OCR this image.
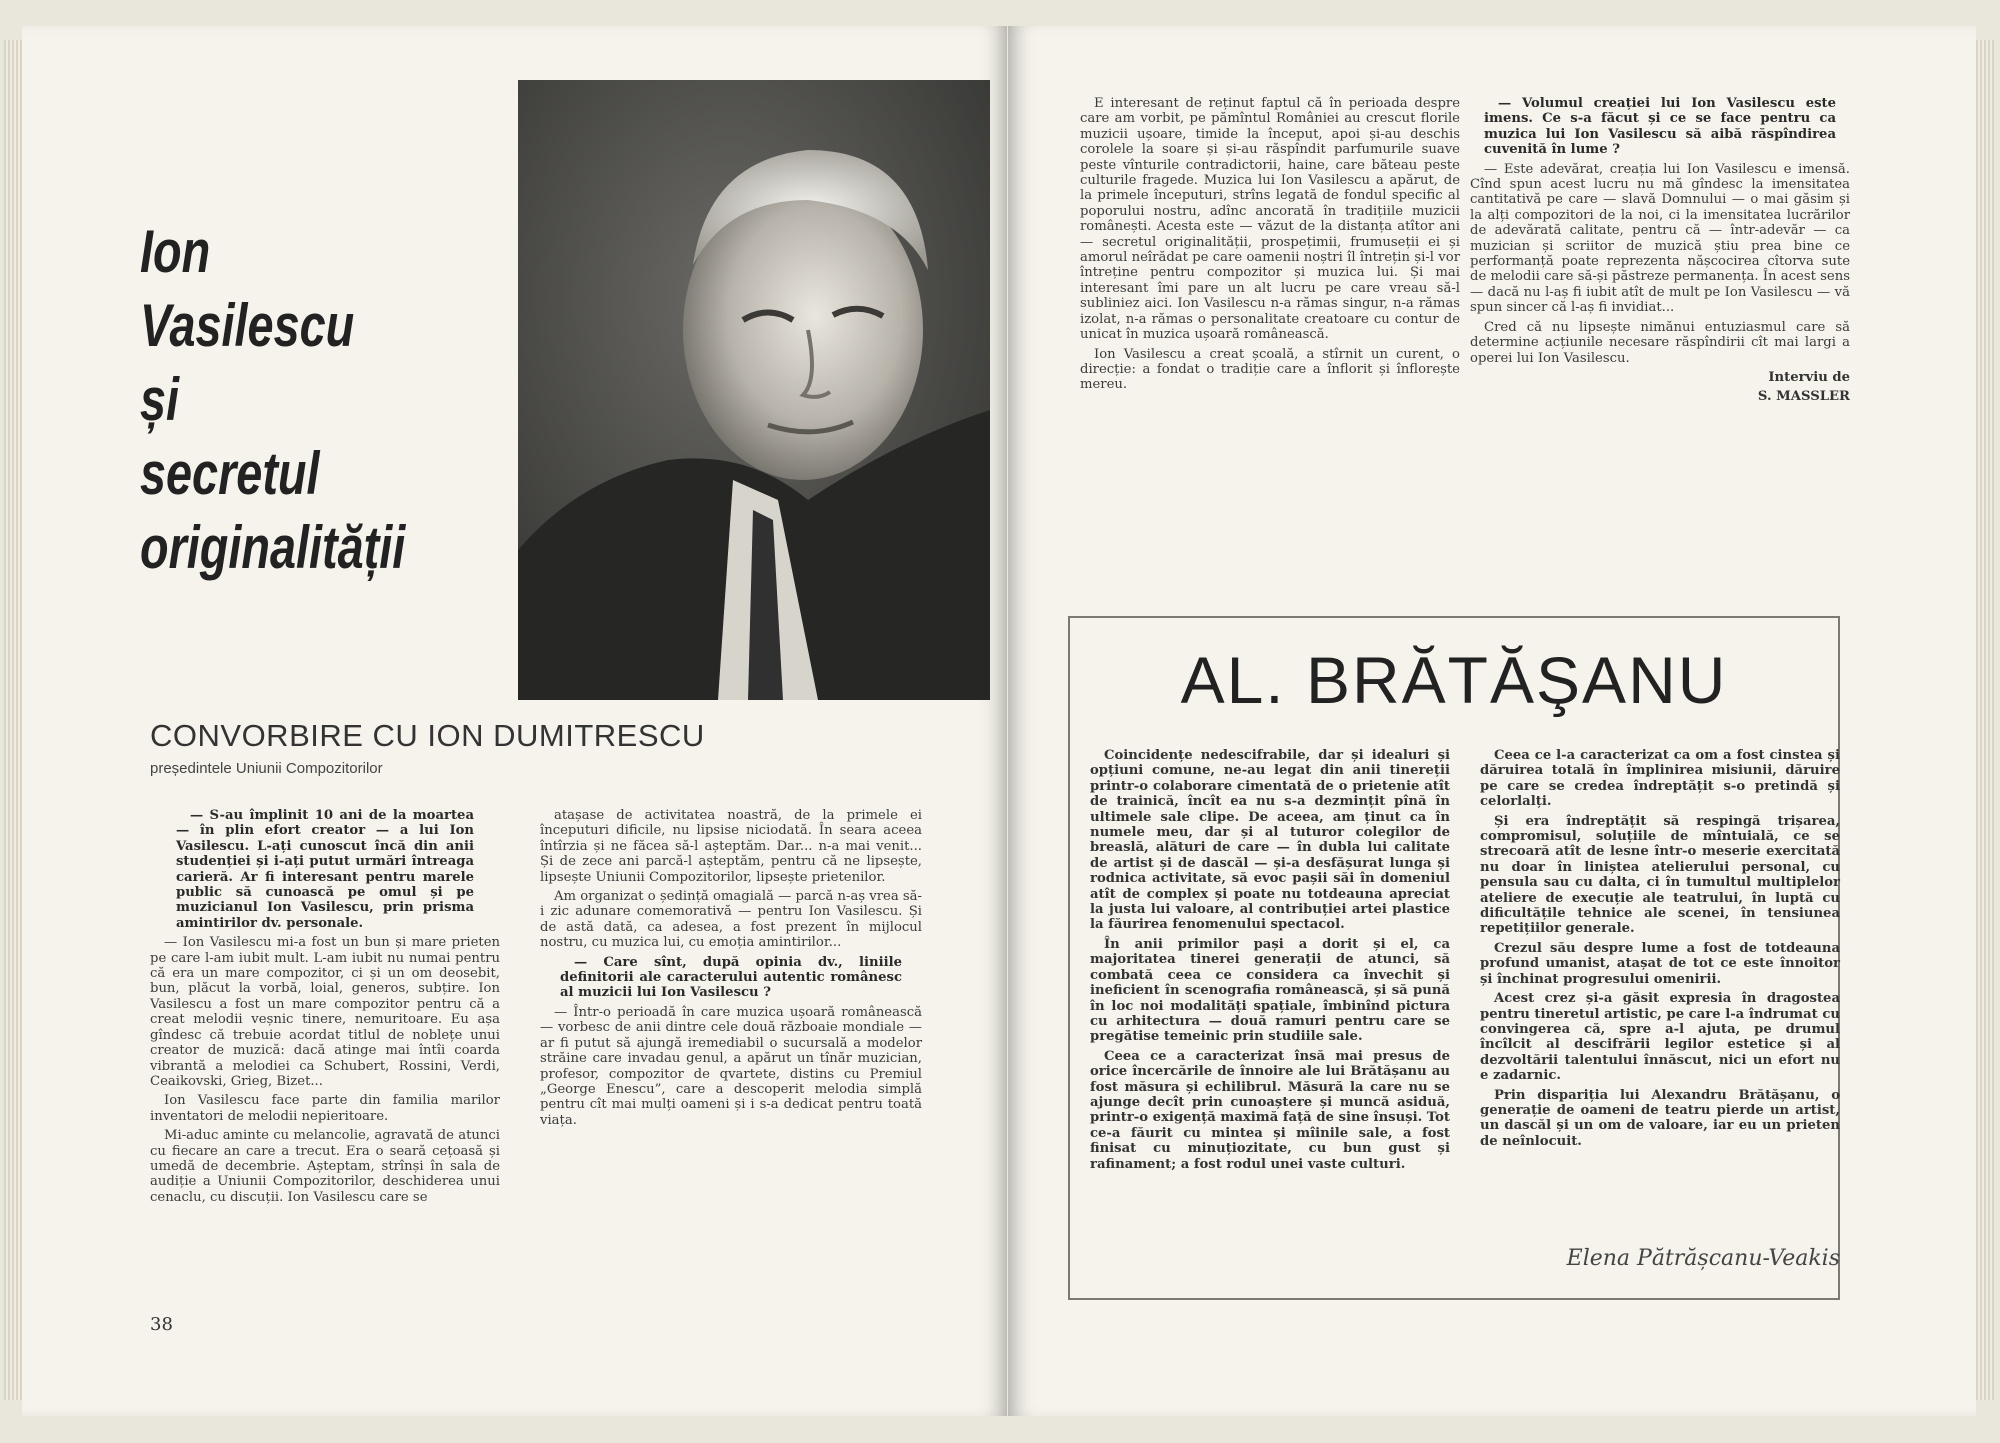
Ion
Vasilescu
și
secretul
originalității
CONVORBIRE CU ION DUMITRESCU
președintele Uniunii Compozitorilor

— S-au împlinit 10 ani de la moartea — în plin efort creator — a lui Ion Vasilescu. L-ați cunoscut încă din anii studenției și i-ați putut urmări întreaga carieră. Ar fi interesant pentru marele public să cunoască pe omul și pe muzicianul Ion Vasilescu, prin prisma amintirilor dv. personale.

— Ion Vasilescu mi-a fost un bun și mare prieten pe care l-am iubit mult. L-am iubit nu numai pentru că era un mare compozitor, ci și un om deosebit, bun, plăcut la vorbă, loial, generos, subțire. Ion Vasilescu a fost un mare compozitor pentru că a creat melodii veșnic tinere, nemuritoare. Eu așa gîndesc că trebuie acordat titlul de noblețe unui creator de muzică: dacă atinge mai întîi coarda vibrantă a melodiei ca Schubert, Rossini, Verdi, Ceaikovski, Grieg, Bizet...

Ion Vasilescu face parte din familia marilor inventatori de melodii nepieritoare.

Mi-aduc aminte cu melancolie, agravată de atunci cu fiecare an care a trecut. Era o seară cețoasă și umedă de decembrie. Așteptam, strînși în sala de audiție a Uniunii Compozitorilor, deschiderea unui cenaclu, cu discuții. Ion Vasilescu care se

atașase de activitatea noastră, de la primele ei începuturi dificile, nu lipsise niciodată. În seara aceea întîrzia și ne făcea să-l așteptăm. Dar... n-a mai venit... Și de zece ani parcă-l așteptăm, pentru că ne lipsește, lipsește Uniunii Compozitorilor, lipsește prietenilor.

Am organizat o ședință omagială — parcă n-aș vrea să-i zic adunare comemorativă — pentru Ion Vasilescu. Și de astă dată, ca adesea, a fost prezent în mijlocul nostru, cu muzica lui, cu emoția amintirilor...

— Care sînt, după opinia dv., liniile definitorii ale caracterului autentic românesc al muzicii lui Ion Vasilescu ?

— Într-o perioadă în care muzica ușoară românească — vorbesc de anii dintre cele două războaie mondiale — ar fi putut să ajungă iremediabil o sucursală a modelor străine care invadau genul, a apărut un tînăr muzician, profesor, compozitor de qvartete, distins cu Premiul „George Enescu”, care a descoperit melodia simplă pentru cît mai mulți oameni și i s-a dedicat pentru toată viața.

38

E interesant de reținut faptul că în perioada despre care am vorbit, pe pămîntul României au crescut florile muzicii ușoare, timide la început, apoi și-au deschis corolele la soare și și-au răspîndit parfumurile suave peste vînturile contradictorii, haine, care băteau peste culturile fragede. Muzica lui Ion Vasilescu a apărut, de la primele începuturi, strîns legată de fondul specific al poporului nostru, adînc ancorată în tradițiile muzicii românești. Acesta este — văzut de la distanța atîtor ani — secretul originalității, prospețimii, frumuseții ei și amorul neîrădat pe care oamenii noștri îl întrețin și-l vor întreține pentru compozitor și muzica lui. Și mai interesant îmi pare un alt lucru pe care vreau să-l subliniez aici. Ion Vasilescu n-a rămas singur, n-a rămas izolat, n-a rămas o personalitate creatoare cu contur de unicat în muzica ușoară românească.

Ion Vasilescu a creat școală, a stîrnit un curent, o direcție: a fondat o tradiție care a înflorit și înflorește mereu.

— Volumul creației lui Ion Vasilescu este imens. Ce s-a făcut și ce se face pentru ca muzica lui Ion Vasilescu să aibă răspîndirea cuvenită în lume ?

— Este adevărat, creația lui Ion Vasilescu e imensă. Cînd spun acest lucru nu mă gîndesc la imensitatea cantitativă pe care — slavă Domnului — o mai găsim și la alți compozitori de la noi, ci la imensitatea lucrărilor de adevărată calitate, pentru că — într-adevăr — ca muzician și scriitor de muzică știu prea bine ce performanță poate reprezenta nășcocirea cîtorva sute de melodii care să-și păstreze permanența. În acest sens — dacă nu l-aș fi iubit atît de mult pe Ion Vasilescu — vă spun sincer că l-aș fi invidiat...

Cred că nu lipsește nimănui entuziasmul care să determine acțiunile necesare răspîndirii cît mai largi a operei lui Ion Vasilescu.

Interviu de

S. MASSLER

AL. BRĂTĂŞANU

Coincidențe nedescifrabile, dar și idealuri și opțiuni comune, ne-au legat din anii tinereții printr-o colaborare cimentată de o prietenie atît de trainică, încît ea nu s-a dezmințit pînă în ultimele sale clipe. De aceea, am ținut ca în numele meu, dar și al tuturor colegilor de breaslă, alături de care — în dubla lui calitate de artist și de dascăl — și-a desfășurat lunga și rodnica activitate, să evoc pașii săi în domeniul atît de complex și poate nu totdeauna apreciat la justa lui valoare, al contribuției artei plastice la făurirea fenomenului spectacol.

În anii primilor pași a dorit și el, ca majoritatea tinerei generații de atunci, să combată ceea ce considera ca învechit și ineficient în scenografia românească, și să pună în loc noi modalități spațiale, îmbinînd pictura cu arhitectura — două ramuri pentru care se pregătise temeinic prin studiile sale.

Ceea ce a caracterizat însă mai presus de orice încercările de înnoire ale lui Brătășanu au fost măsura și echilibrul. Măsură la care nu se ajunge decît prin cunoaștere și muncă asiduă, printr-o exigență maximă față de sine însuși. Tot ce-a făurit cu mintea și mîinile sale, a fost finisat cu minuțiozitate, cu bun gust și rafinament; a fost rodul unei vaste culturi.

Ceea ce l-a caracterizat ca om a fost cinstea și dăruirea totală în împlinirea misiunii, dăruire pe care se credea îndreptățit s-o pretindă și celorlalți.

Și era îndreptățit să respingă trișarea, compromisul, soluțiile de mîntuială, ce se strecoară atît de lesne într-o meserie exercitată nu doar în liniștea atelierului personal, cu pensula sau cu dalta, ci în tumultul multiplelor ateliere de execuție ale teatrului, în luptă cu dificultățile tehnice ale scenei, în tensiunea repetițiilor generale.

Crezul său despre lume a fost de totdeauna profund umanist, atașat de tot ce este înnoitor și închinat progresului omenirii.

Acest crez și-a găsit expresia în dragostea pentru tineretul artistic, pe care l-a îndrumat cu convingerea că, spre a-l ajuta, pe drumul încîlcit al descifrării legilor estetice și al dezvoltării talentului înnăscut, nici un efort nu e zadarnic.

Prin dispariția lui Alexandru Brătășanu, o generație de oameni de teatru pierde un artist, un dascăl și un om de valoare, iar eu un prieten de neînlocuit.

Elena Pătrășcanu-Veakis
